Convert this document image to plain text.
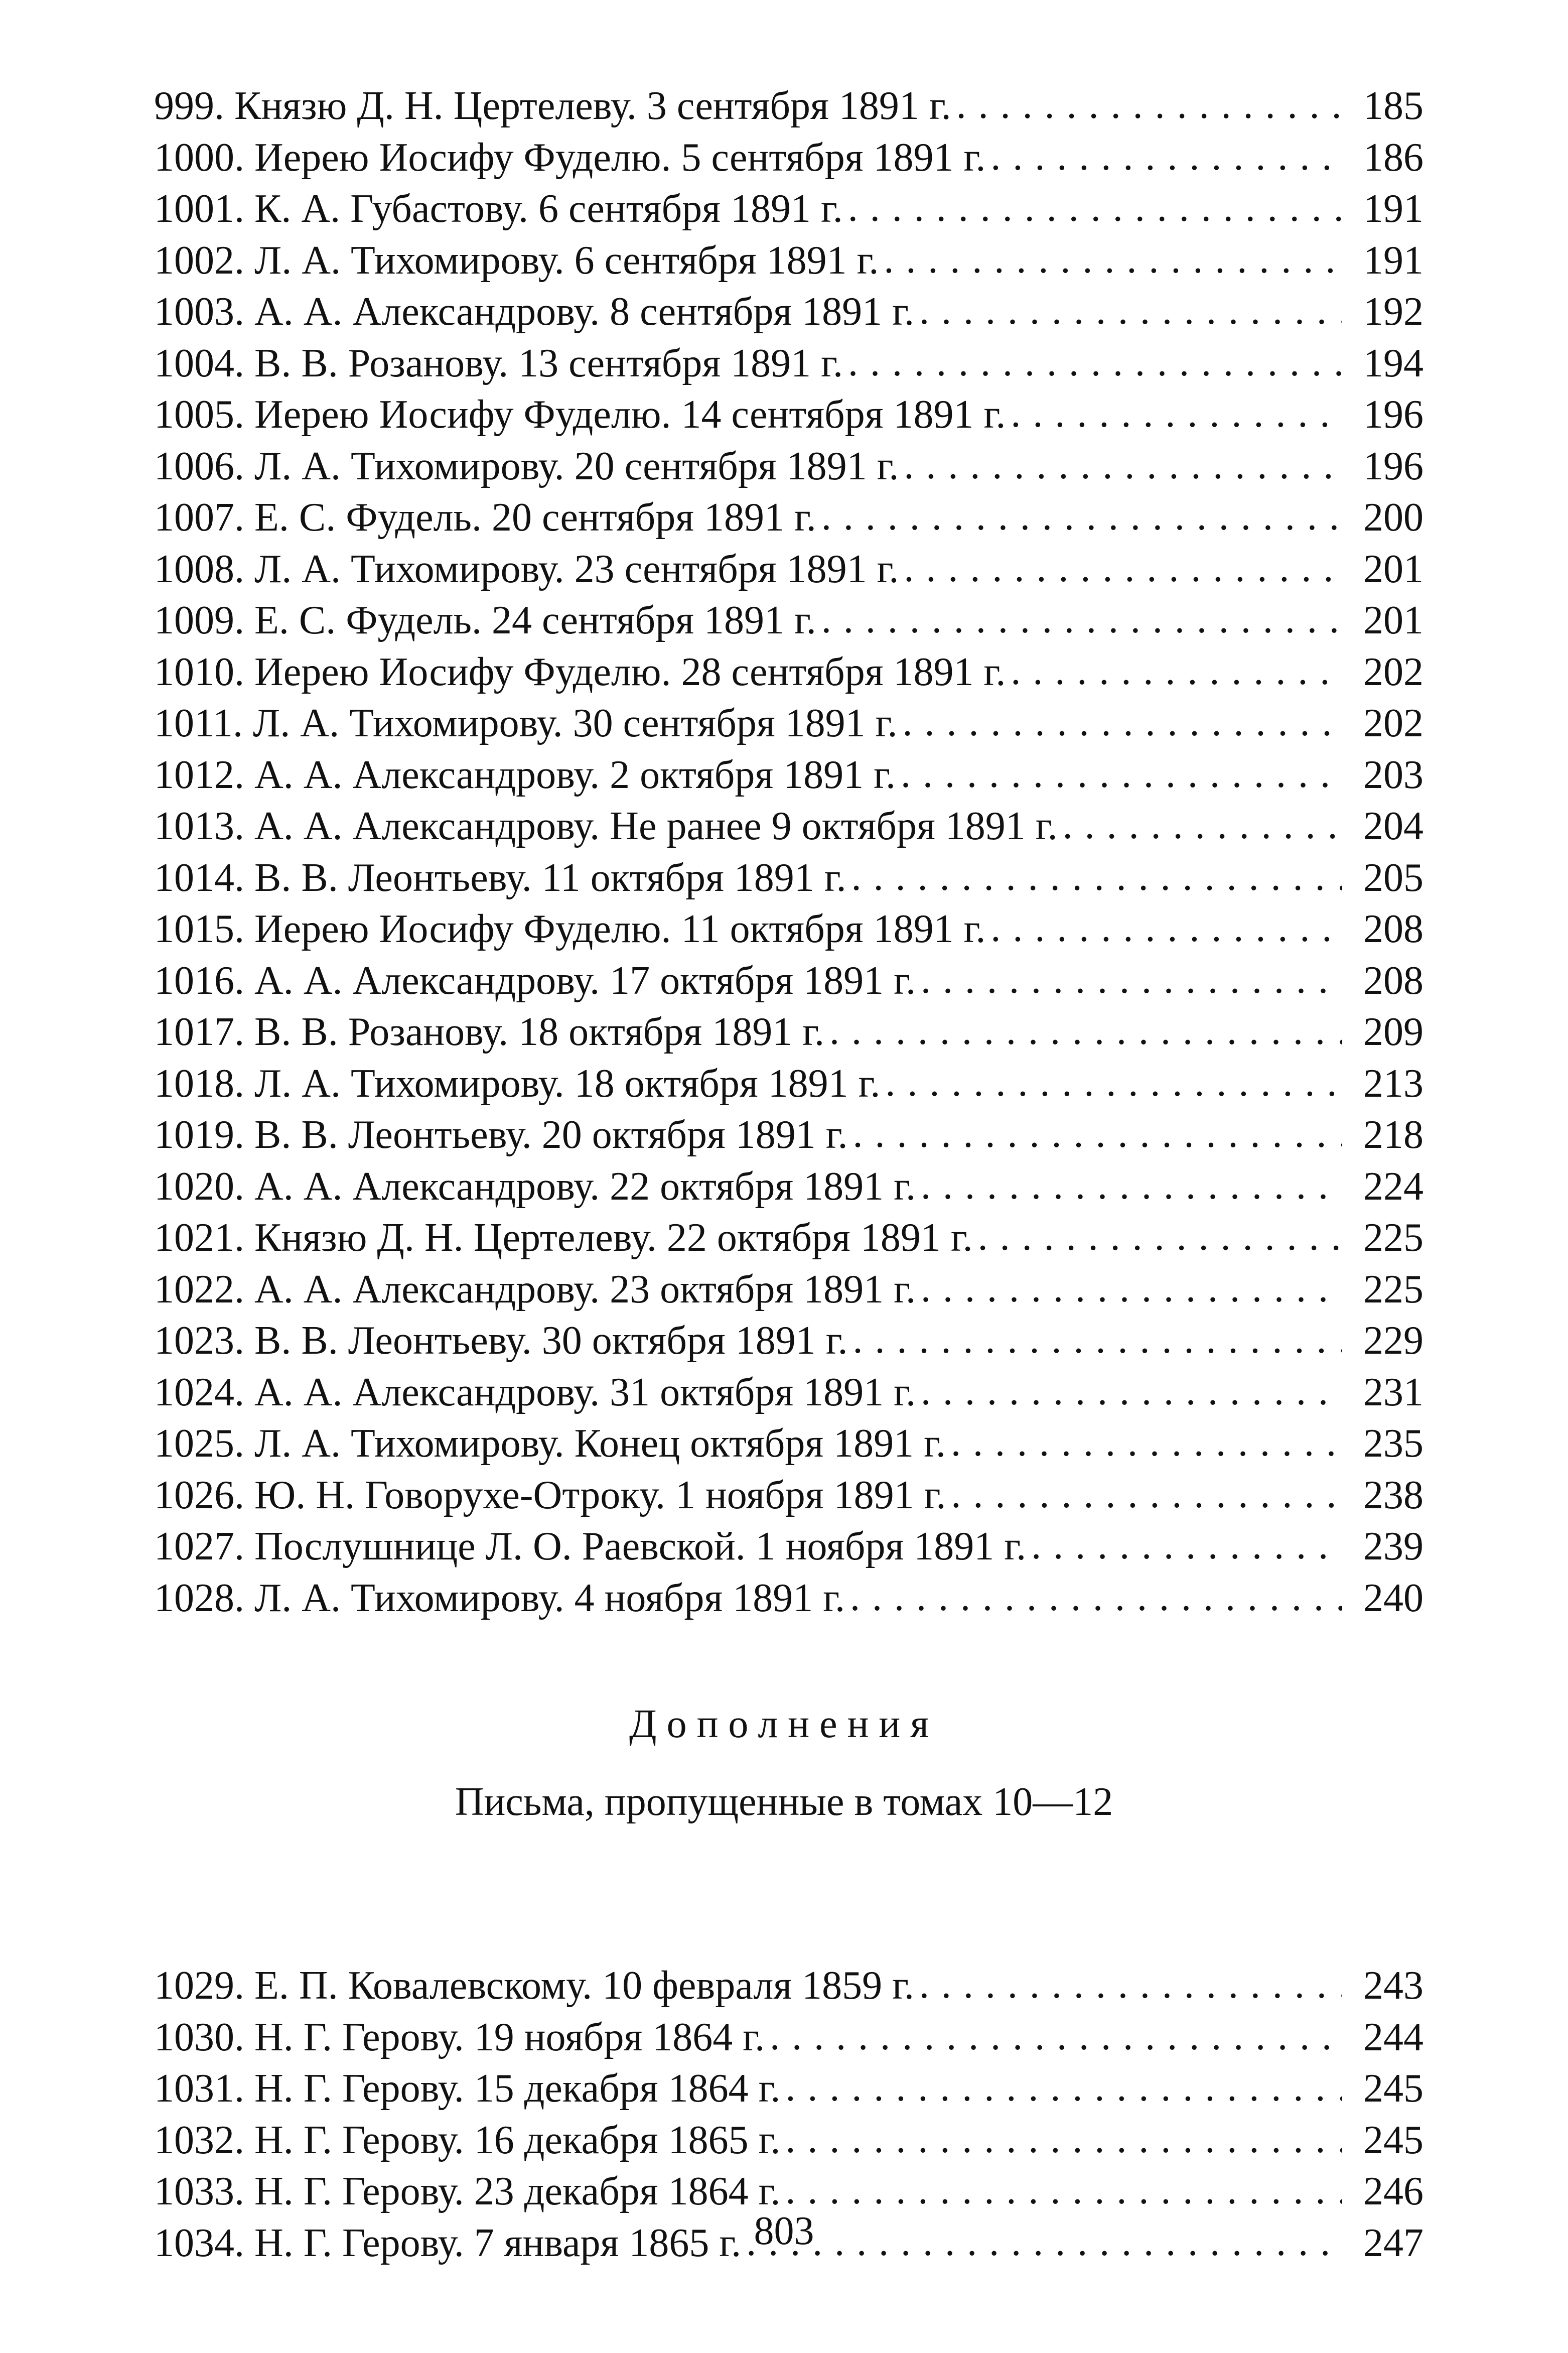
999. Князю Д. Н. Цертелеву. 3 сентября 1891 г. . . .	185
1000. Иерею Иосифу Фуделю. 5 сентября 1891 г. . . .	186
1001. К. А. Губастову. 6 сентября 1891 г. . . .	191
1002. Л. А. Тихомирову. 6 сентября 1891 г. . . .	191
1003. А. А. Александрову. 8 сентября 1891 г. . . .	192
1004. В. В. Розанову. 13 сентября 1891 г. . . .	194
1005. Иерею Иосифу Фуделю. 14 сентября 1891 г. . . .	196
1006. Л. А. Тихомирову. 20 сентября 1891 г. . . .	196
1007. Е. С. Фудель. 20 сентября 1891 г. . . .	200
1008. Л. А. Тихомирову. 23 сентября 1891 г. . . .	201
1009. Е. С. Фудель. 24 сентября 1891 г. . . .	201
1010. Иерею Иосифу Фуделю. 28 сентября 1891 г. . . .	202
1011. Л. А. Тихомирову. 30 сентября 1891 г. . . .	202
1012. А. А. Александрову. 2 октября 1891 г. . . .	203
1013. А. А. Александрову. Не ранее 9 октября 1891 г. . . .	204
1014. В. В. Леонтьеву. 11 октября 1891 г. . . .	205
1015. Иерею Иосифу Фуделю. 11 октября 1891 г. . . .	208
1016. А. А. Александрову. 17 октября 1891 г. . . .	208
1017. В. В. Розанову. 18 октября 1891 г. . . .	209
1018. Л. А. Тихомирову. 18 октября 1891 г. . . .	213
1019. В. В. Леонтьеву. 20 октября 1891 г. . . .	218
1020. А. А. Александрову. 22 октября 1891 г. . . .	224
1021. Князю Д. Н. Цертелеву. 22 октября 1891 г. . . .	225
1022. А. А. Александрову. 23 октября 1891 г. . . .	225
1023. В. В. Леонтьеву. 30 октября 1891 г. . . .	229
1024. А. А. Александрову. 31 октября 1891 г. . . .	231
1025. Л. А. Тихомирову. Конец октября 1891 г. . . .	235
1026. Ю. Н. Говорухе-Отроку. 1 ноября 1891 г. . . .	238
1027. Послушнице Л. О. Раевской. 1 ноября 1891 г. . . .	239
1028. Л. А. Тихомирову. 4 ноября 1891 г. . . .	240
Дополнения
Письма, пропущенные в томах 10—12
1029. Е. П. Ковалевскому. 10 февраля 1859 г. . . .	243
1030. Н. Г. Герову. 19 ноября 1864 г. . . .	244
1031. Н. Г. Герову. 15 декабря 1864 г. . . .	245
1032. Н. Г. Герову. 16 декабря 1865 г. . . .	245
1033. Н. Г. Герову. 23 декабря 1864 г. . . .	246
1034. Н. Г. Герову. 7 января 1865 г. . . .	247
803
